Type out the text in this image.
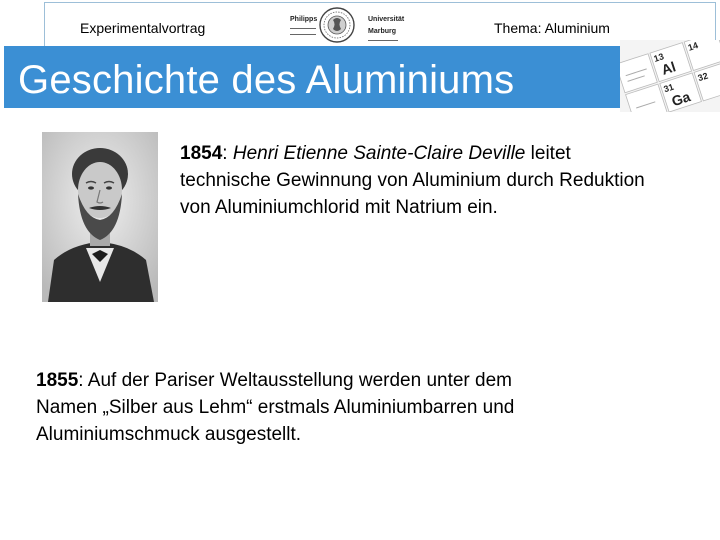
Experimentalvortrag	Thema: Aluminium
Philipps	Universität
Marburg
Geschichte des Aluminiums
13
Al
31
Ga
32
14
1854: Henri Etienne Sainte-Claire Deville leitet
technische Gewinnung von Aluminium durch Reduktion
von Aluminiumchlorid mit Natrium ein.
1855: Auf der Pariser Weltausstellung werden unter dem
Namen „Silber aus Lehm“ erstmals Aluminiumbarren und
Aluminiumschmuck ausgestellt.
